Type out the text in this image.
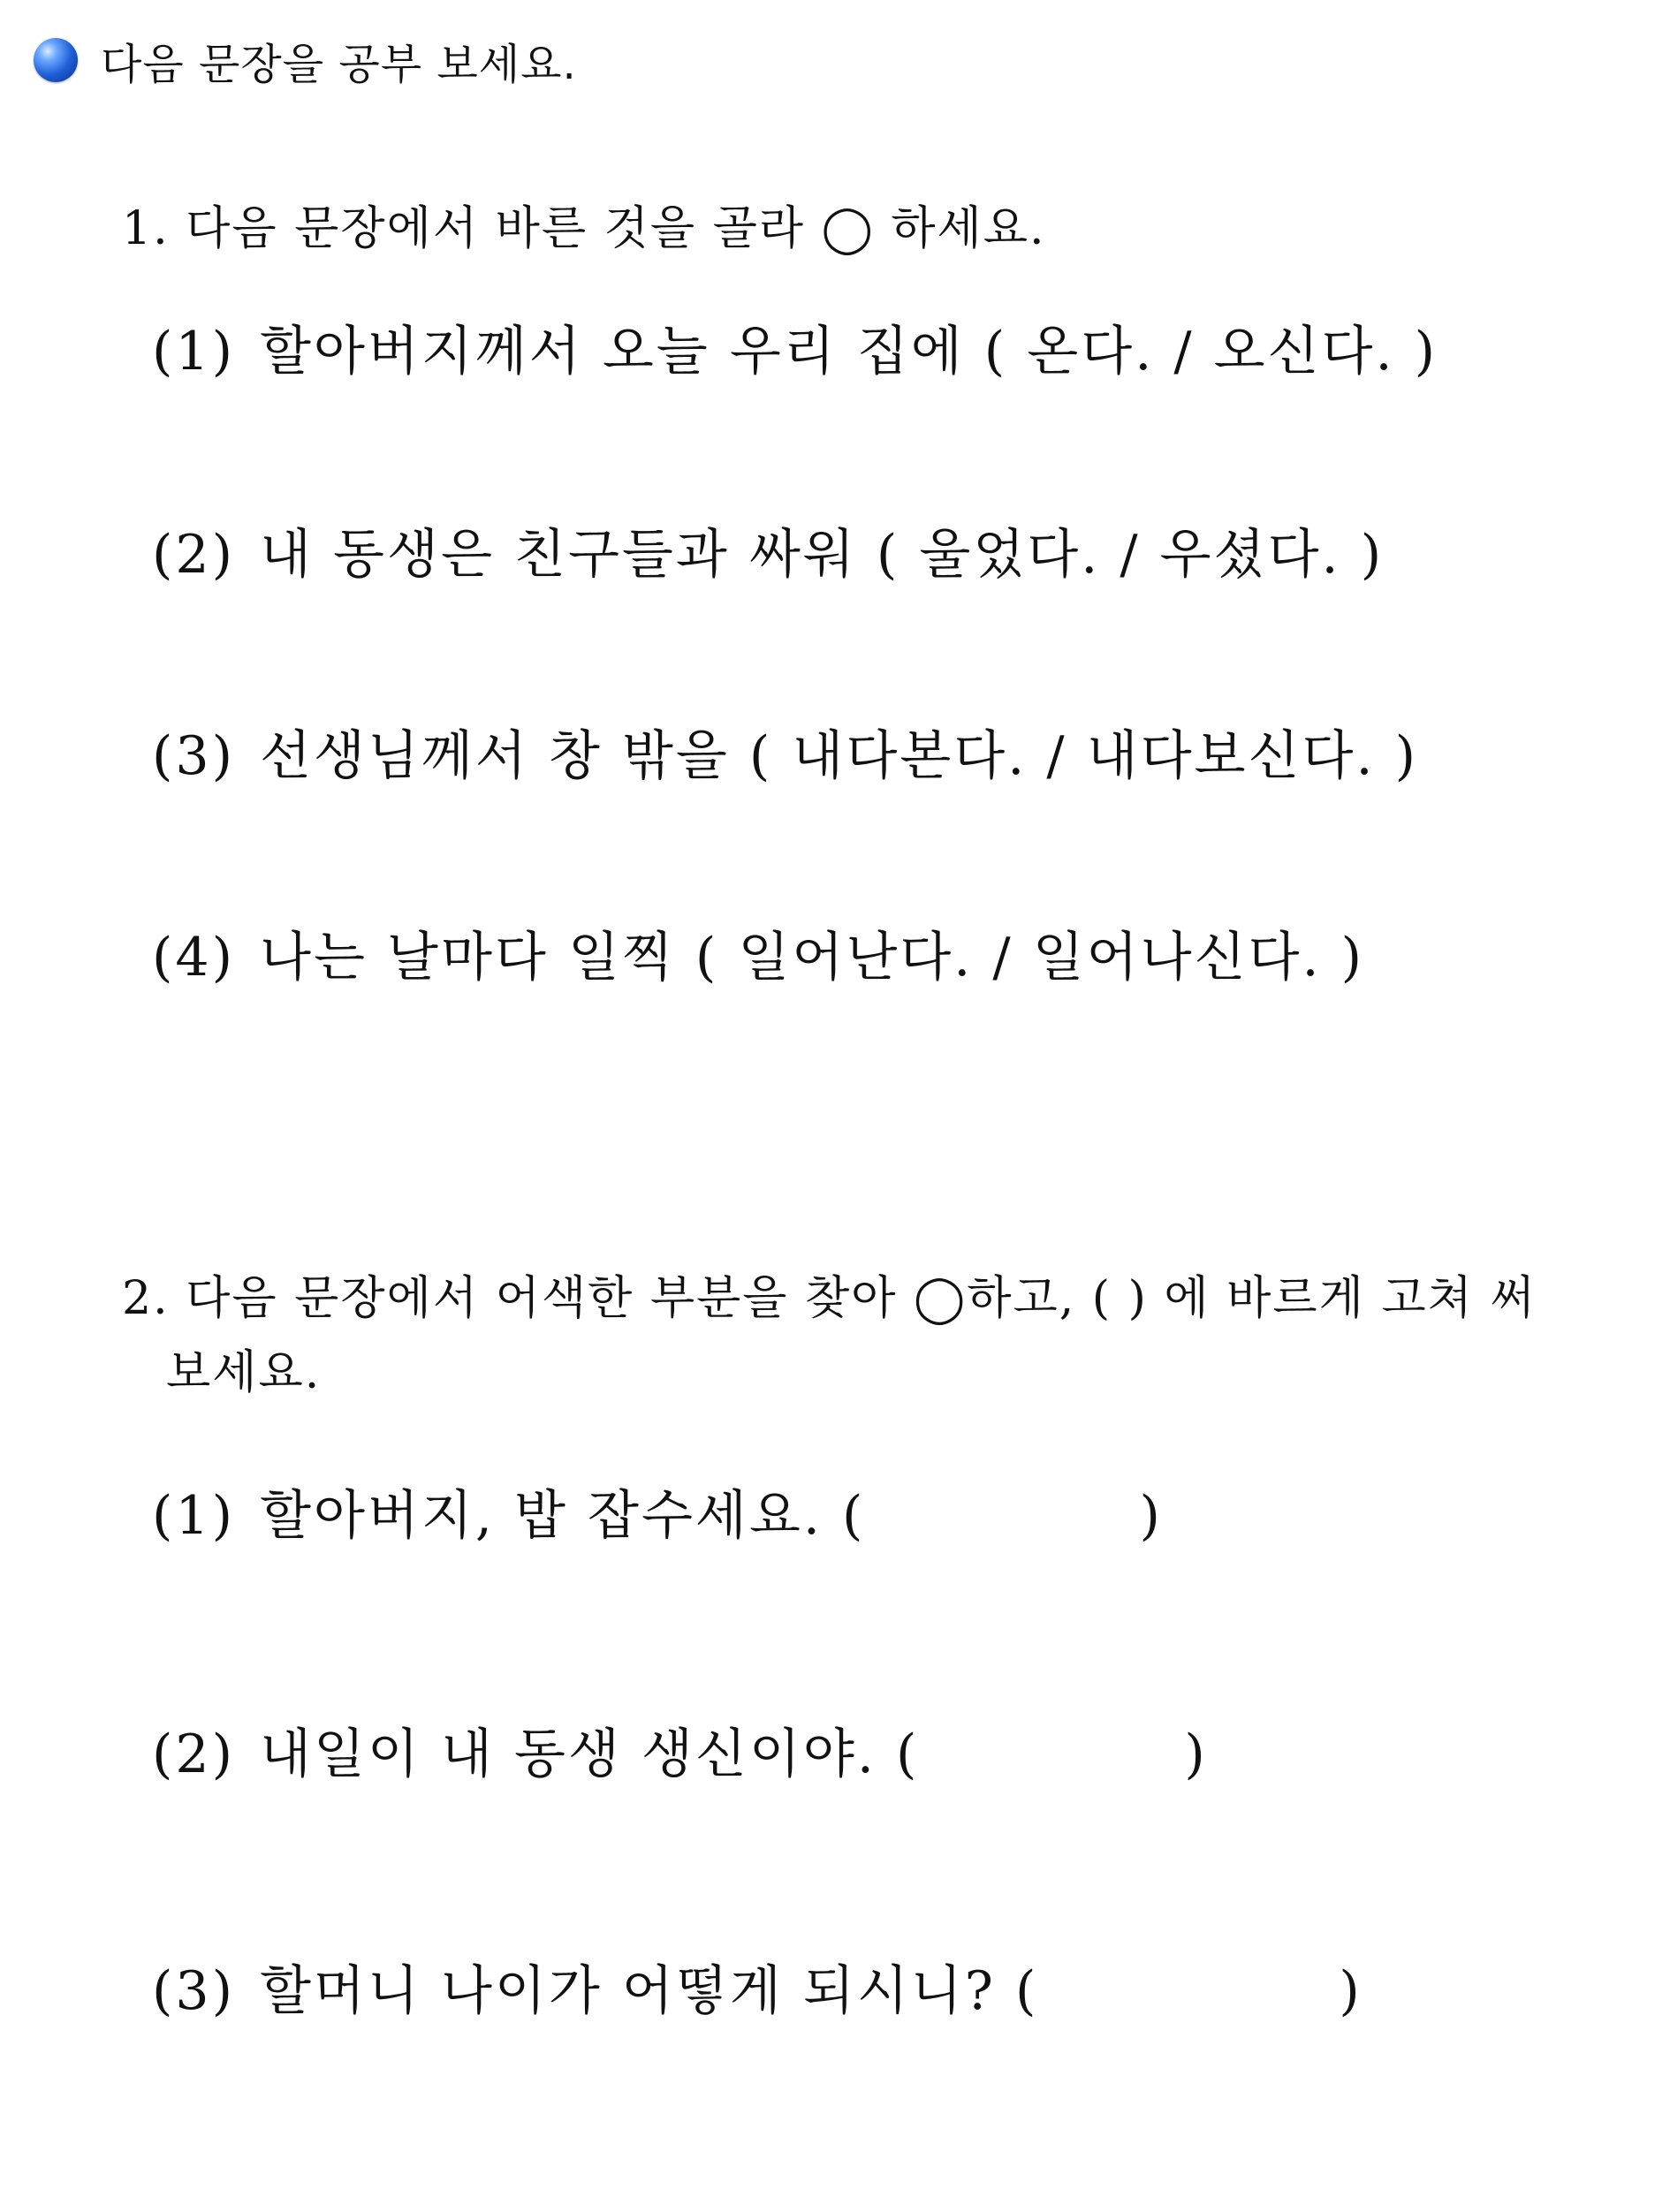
다음 문장을 공부 보세요.
1. 다음 문장에서 바른 것을 골라 ◯ 하세요.
(1) 할아버지께서 오늘 우리 집에 ( 온다. / 오신다. )
(2) 내 동생은 친구들과 싸워 ( 울었다. / 우셨다. )
(3) 선생님께서 창 밖을 ( 내다본다. / 내다보신다. )
(4) 나는 날마다 일찍 ( 일어난다. / 일어나신다. )
2. 다음 문장에서 어색한 부분을 찾아 ◯하고, ( ) 에 바르게 고쳐 써 보세요.
(1) 할아버지, 밥 잡수세요. (	)
(2) 내일이 내 동생 생신이야. (	)
(3) 할머니 나이가 어떻게 되시니? (	)
